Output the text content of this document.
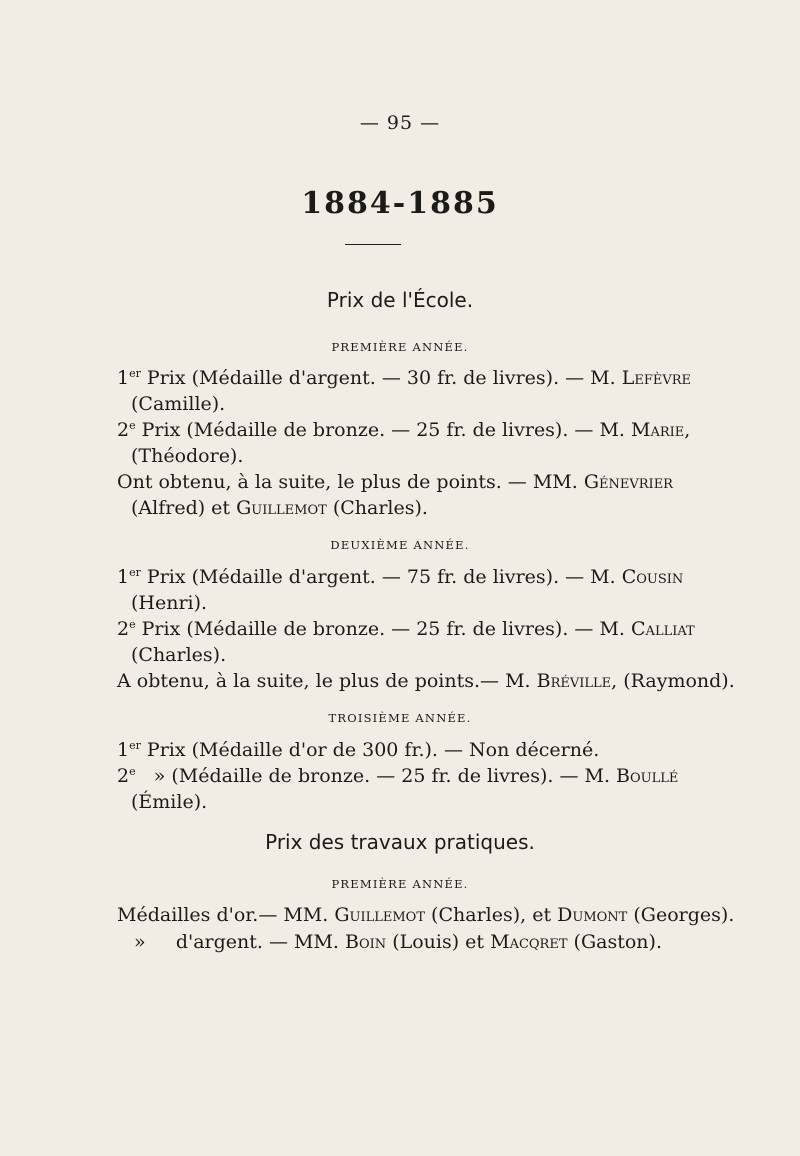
— 95 —
1884-1885
Prix de l'École.
PREMIÈRE ANNÉE.
1er Prix (Médaille d'argent. — 30 fr. de livres). — M. Lefèvre
(Camille).
2e Prix (Médaille de bronze. — 25 fr. de livres). — M. Marie,
(Théodore).
Ont obtenu, à la suite, le plus de points. — MM. Génevrier
(Alfred) et Guillemot (Charles).
DEUXIÈME ANNÉE.
1er Prix (Médaille d'argent. — 75 fr. de livres). — M. Cousin
(Henri).
2e Prix (Médaille de bronze. — 25 fr. de livres). — M. Calliat
(Charles).
A obtenu, à la suite, le plus de points.— M. Bréville, (Raymond).
TROISIÈME ANNÉE.
1er Prix (Médaille d'or de 300 fr.). — Non décerné.
2e   » (Médaille de bronze. — 25 fr. de livres). — M. Boullé
(Émile).
Prix des travaux pratiques.
PREMIÈRE ANNÉE.
Médailles d'or.— MM. Guillemot (Charles), et Dumont (Georges).
»     d'argent. — MM. Boin (Louis) et Macqret (Gaston).
